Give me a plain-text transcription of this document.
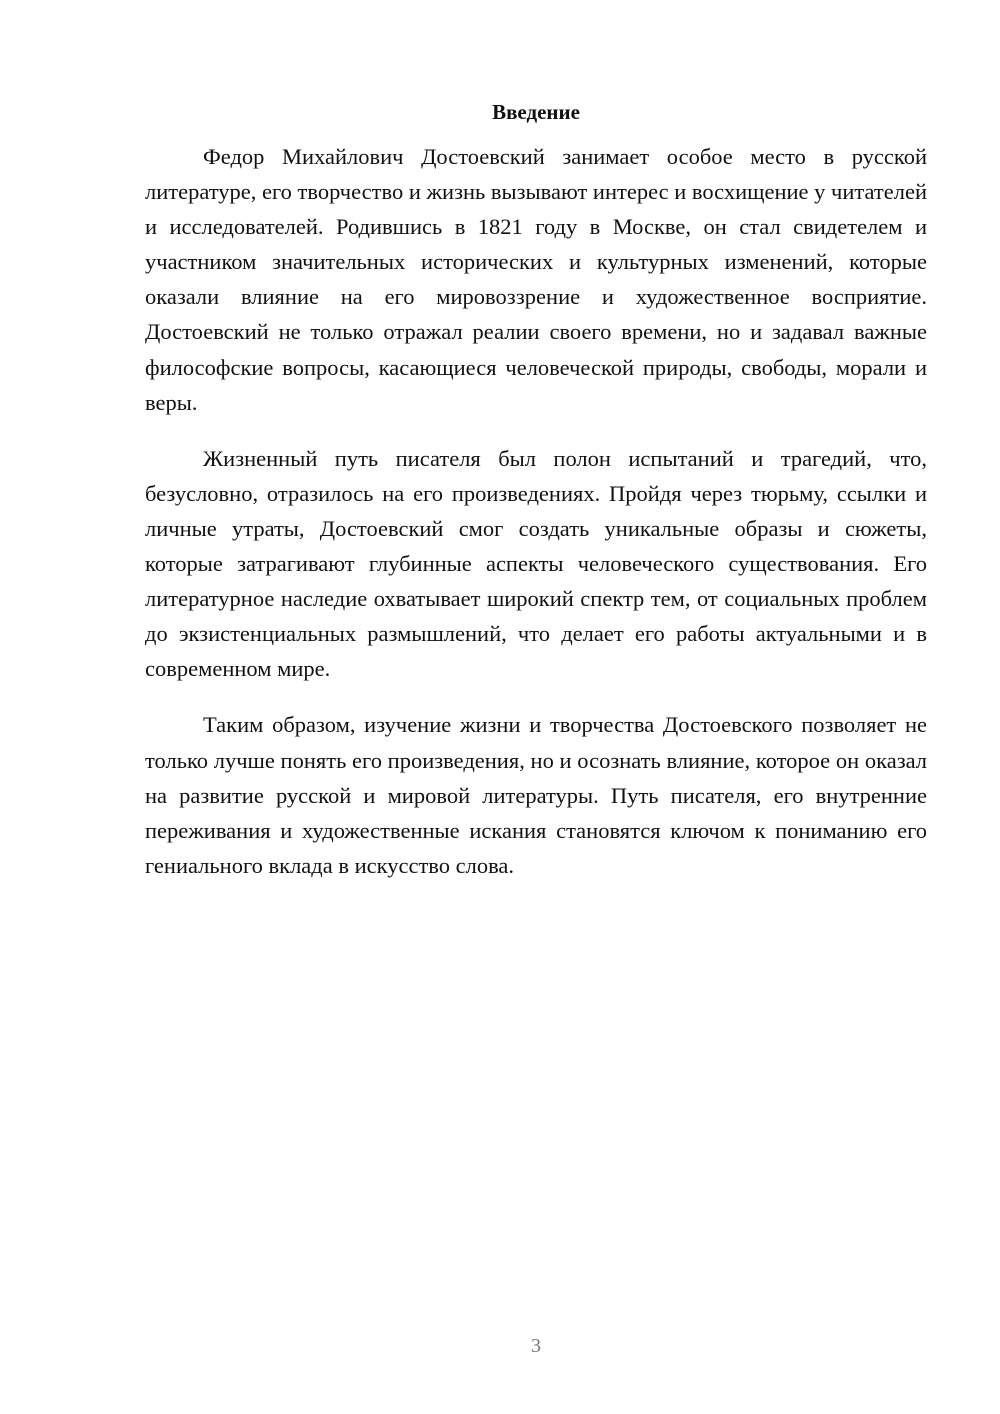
Введение

Федор Михайлович Достоевский занимает особое место в русской литературе, его творчество и жизнь вызывают интерес и восхищение у читателей и исследователей. Родившись в 1821 году в Москве, он стал свидетелем и участником значительных исторических и культурных изменений, которые оказали влияние на его мировоззрение и художественное восприятие. Достоевский не только отражал реалии своего времени, но и задавал важные философские вопросы, касающиеся человеческой природы, свободы, морали и веры.

Жизненный путь писателя был полон испытаний и трагедий, что, безусловно, отразилось на его произведениях. Пройдя через тюрьму, ссылки и личные утраты, Достоевский смог создать уникальные образы и сюжеты, которые затрагивают глубинные аспекты человеческого существования. Его литературное наследие охватывает широкий спектр тем, от социальных проблем до экзистенциальных размышлений, что делает его работы актуальными и в современном мире.

Таким образом, изучение жизни и творчества Достоевского позволяет не только лучше понять его произведения, но и осознать влияние, которое он оказал на развитие русской и мировой литературы. Путь писателя, его внутренние переживания и художественные искания становятся ключом к пониманию его гениального вклада в искусство слова.

3
